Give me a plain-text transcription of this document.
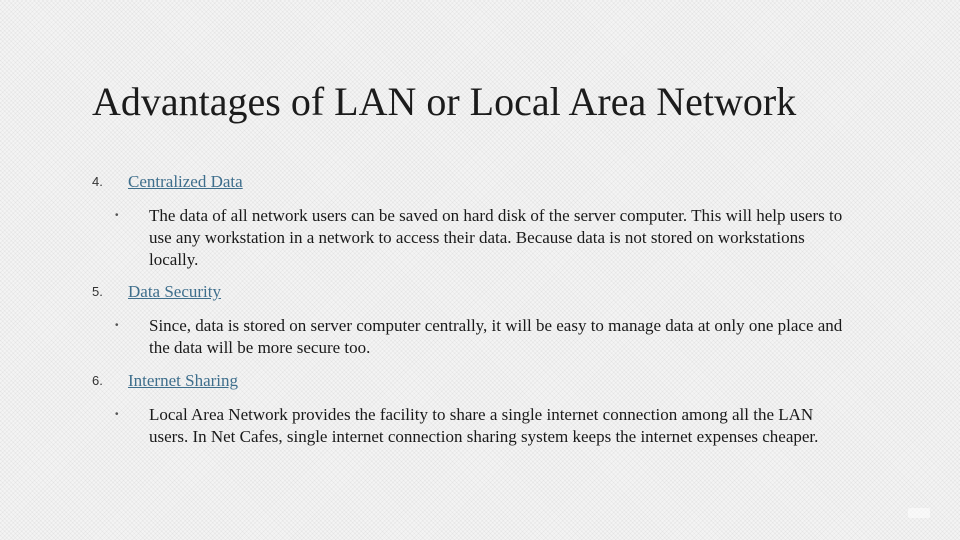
Advantages of LAN or Local Area Network
4. Centralized Data
• The data of all network users can be saved on hard disk of the server computer. This will help users to use any workstation in a network to access their data. Because data is not stored on workstations locally.
5. Data Security
• Since, data is stored on server computer centrally, it will be easy to manage data at only one place and the data will be more secure too.
6. Internet Sharing
• Local Area Network provides the facility to share a single internet connection among all the LAN users. In Net Cafes, single internet connection sharing system keeps the internet expenses cheaper.
